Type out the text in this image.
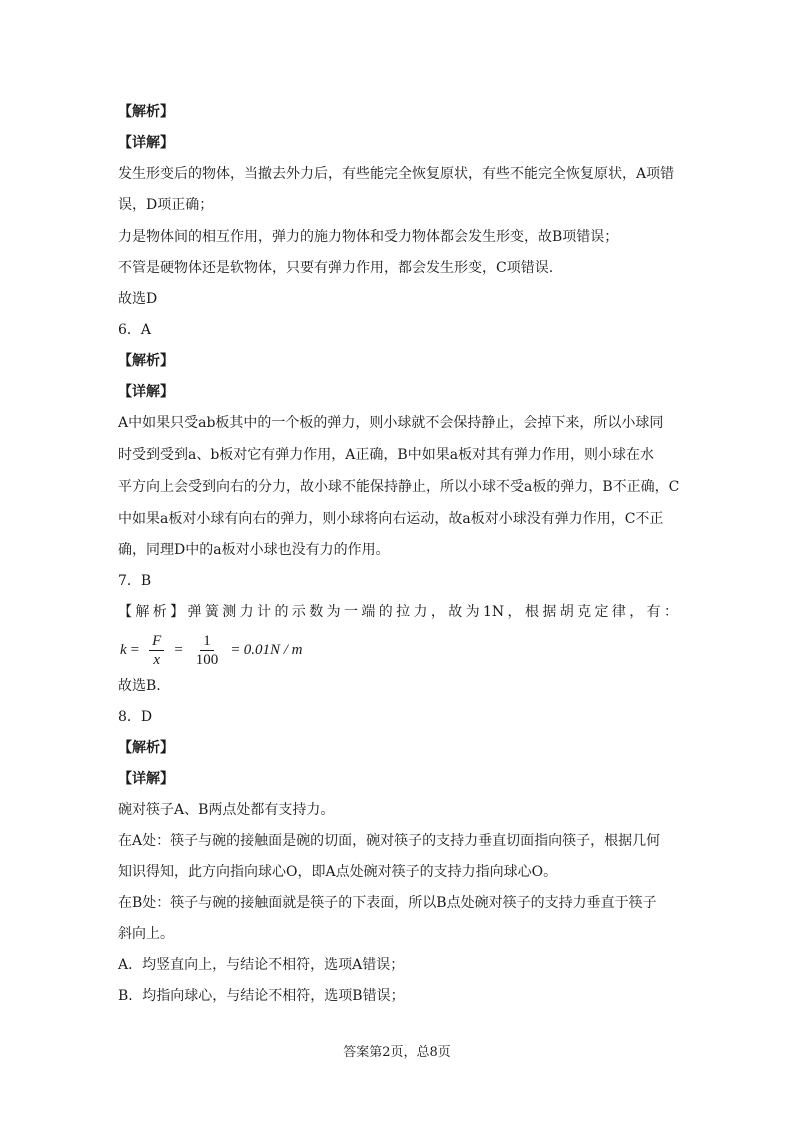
【解析】
【详解】
发生形变后的物体，当撤去外力后，有些能完全恢复原状，有些不能完全恢复原状，A项错
误，D项正确；
力是物体间的相互作用，弹力的施力物体和受力物体都会发生形变，故B项错误；
不管是硬物体还是软物体，只要有弹力作用，都会发生形变，C项错误.
故选D
6．A
【解析】
【详解】
A中如果只受ab板其中的一个板的弹力，则小球就不会保持静止，会掉下来，所以小球同
时受到受到a、b板对它有弹力作用，A正确，B中如果a板对其有弹力作用，则小球在水
平方向上会受到向右的分力，故小球不能保持静止，所以小球不受a板的弹力，B不正确，C
中如果a板对小球有向右的弹力，则小球将向右运动，故a板对小球没有弹力作用，C不正
确，同理D中的a板对小球也没有力的作用。
7．B
【解析】弹簧测力计的示数为一端的拉力，故为1N，根据胡克定律，有：
$k = \frac{F}{x} = \frac{1}{100} = 0.01N / m$
故选B.
8．D
【解析】
【详解】
碗对筷子A、B两点处都有支持力。
在A处：筷子与碗的接触面是碗的切面，碗对筷子的支持力垂直切面指向筷子，根据几何
知识得知，此方向指向球心O，即A点处碗对筷子的支持力指向球心O。
在B处：筷子与碗的接触面就是筷子的下表面，所以B点处碗对筷子的支持力垂直于筷子
斜向上。
A．均竖直向上，与结论不相符，选项A错误；
B．均指向球心，与结论不相符，选项B错误；
答案第2页，总8页
